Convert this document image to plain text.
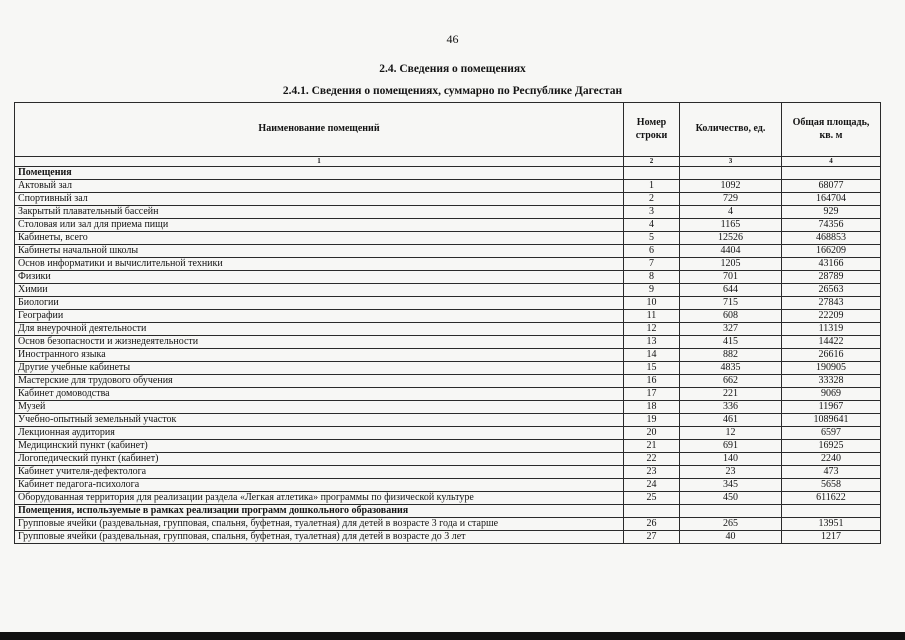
46
2.4. Сведения о помещениях
2.4.1. Сведения о помещениях, суммарно по Республике Дагестан
Наименование помещений	Номер строки	Количество, ед.	Общая площадь, кв. м
1	2	3	4
Помещения			
Актовый зал	1	1092	68077
Спортивный зал	2	729	164704
Закрытый плавательный бассейн	3	4	929
Столовая или зал для приема пищи	4	1165	74356
Кабинеты, всего	5	12526	468853
Кабинеты начальной школы	6	4404	166209
Основ информатики и вычислительной техники	7	1205	43166
Физики	8	701	28789
Химии	9	644	26563
Биологии	10	715	27843
Географии	11	608	22209
Для внеурочной деятельности	12	327	11319
Основ безопасности и жизнедеятельности	13	415	14422
Иностранного языка	14	882	26616
Другие учебные кабинеты	15	4835	190905
Мастерские для трудового обучения	16	662	33328
Кабинет домоводства	17	221	9069
Музей	18	336	11967
Учебно-опытный земельный участок	19	461	1089641
Лекционная аудитория	20	12	6597
Медицинский пункт (кабинет)	21	691	16925
Логопедический пункт (кабинет)	22	140	2240
Кабинет учителя-дефектолога	23	23	473
Кабинет педагога-психолога	24	345	5658
Оборудованная территория для реализации раздела «Легкая атлетика» программы по физической культуре	25	450	611622
Помещения, используемые в рамках реализации программ дошкольного образования			
Групповые ячейки (раздевальная, групповая, спальня, буфетная, туалетная) для детей в возрасте 3 года и старше	26	265	13951
Групповые ячейки (раздевальная, групповая, спальня, буфетная, туалетная) для детей в возрасте до 3 лет	27	40	1217
